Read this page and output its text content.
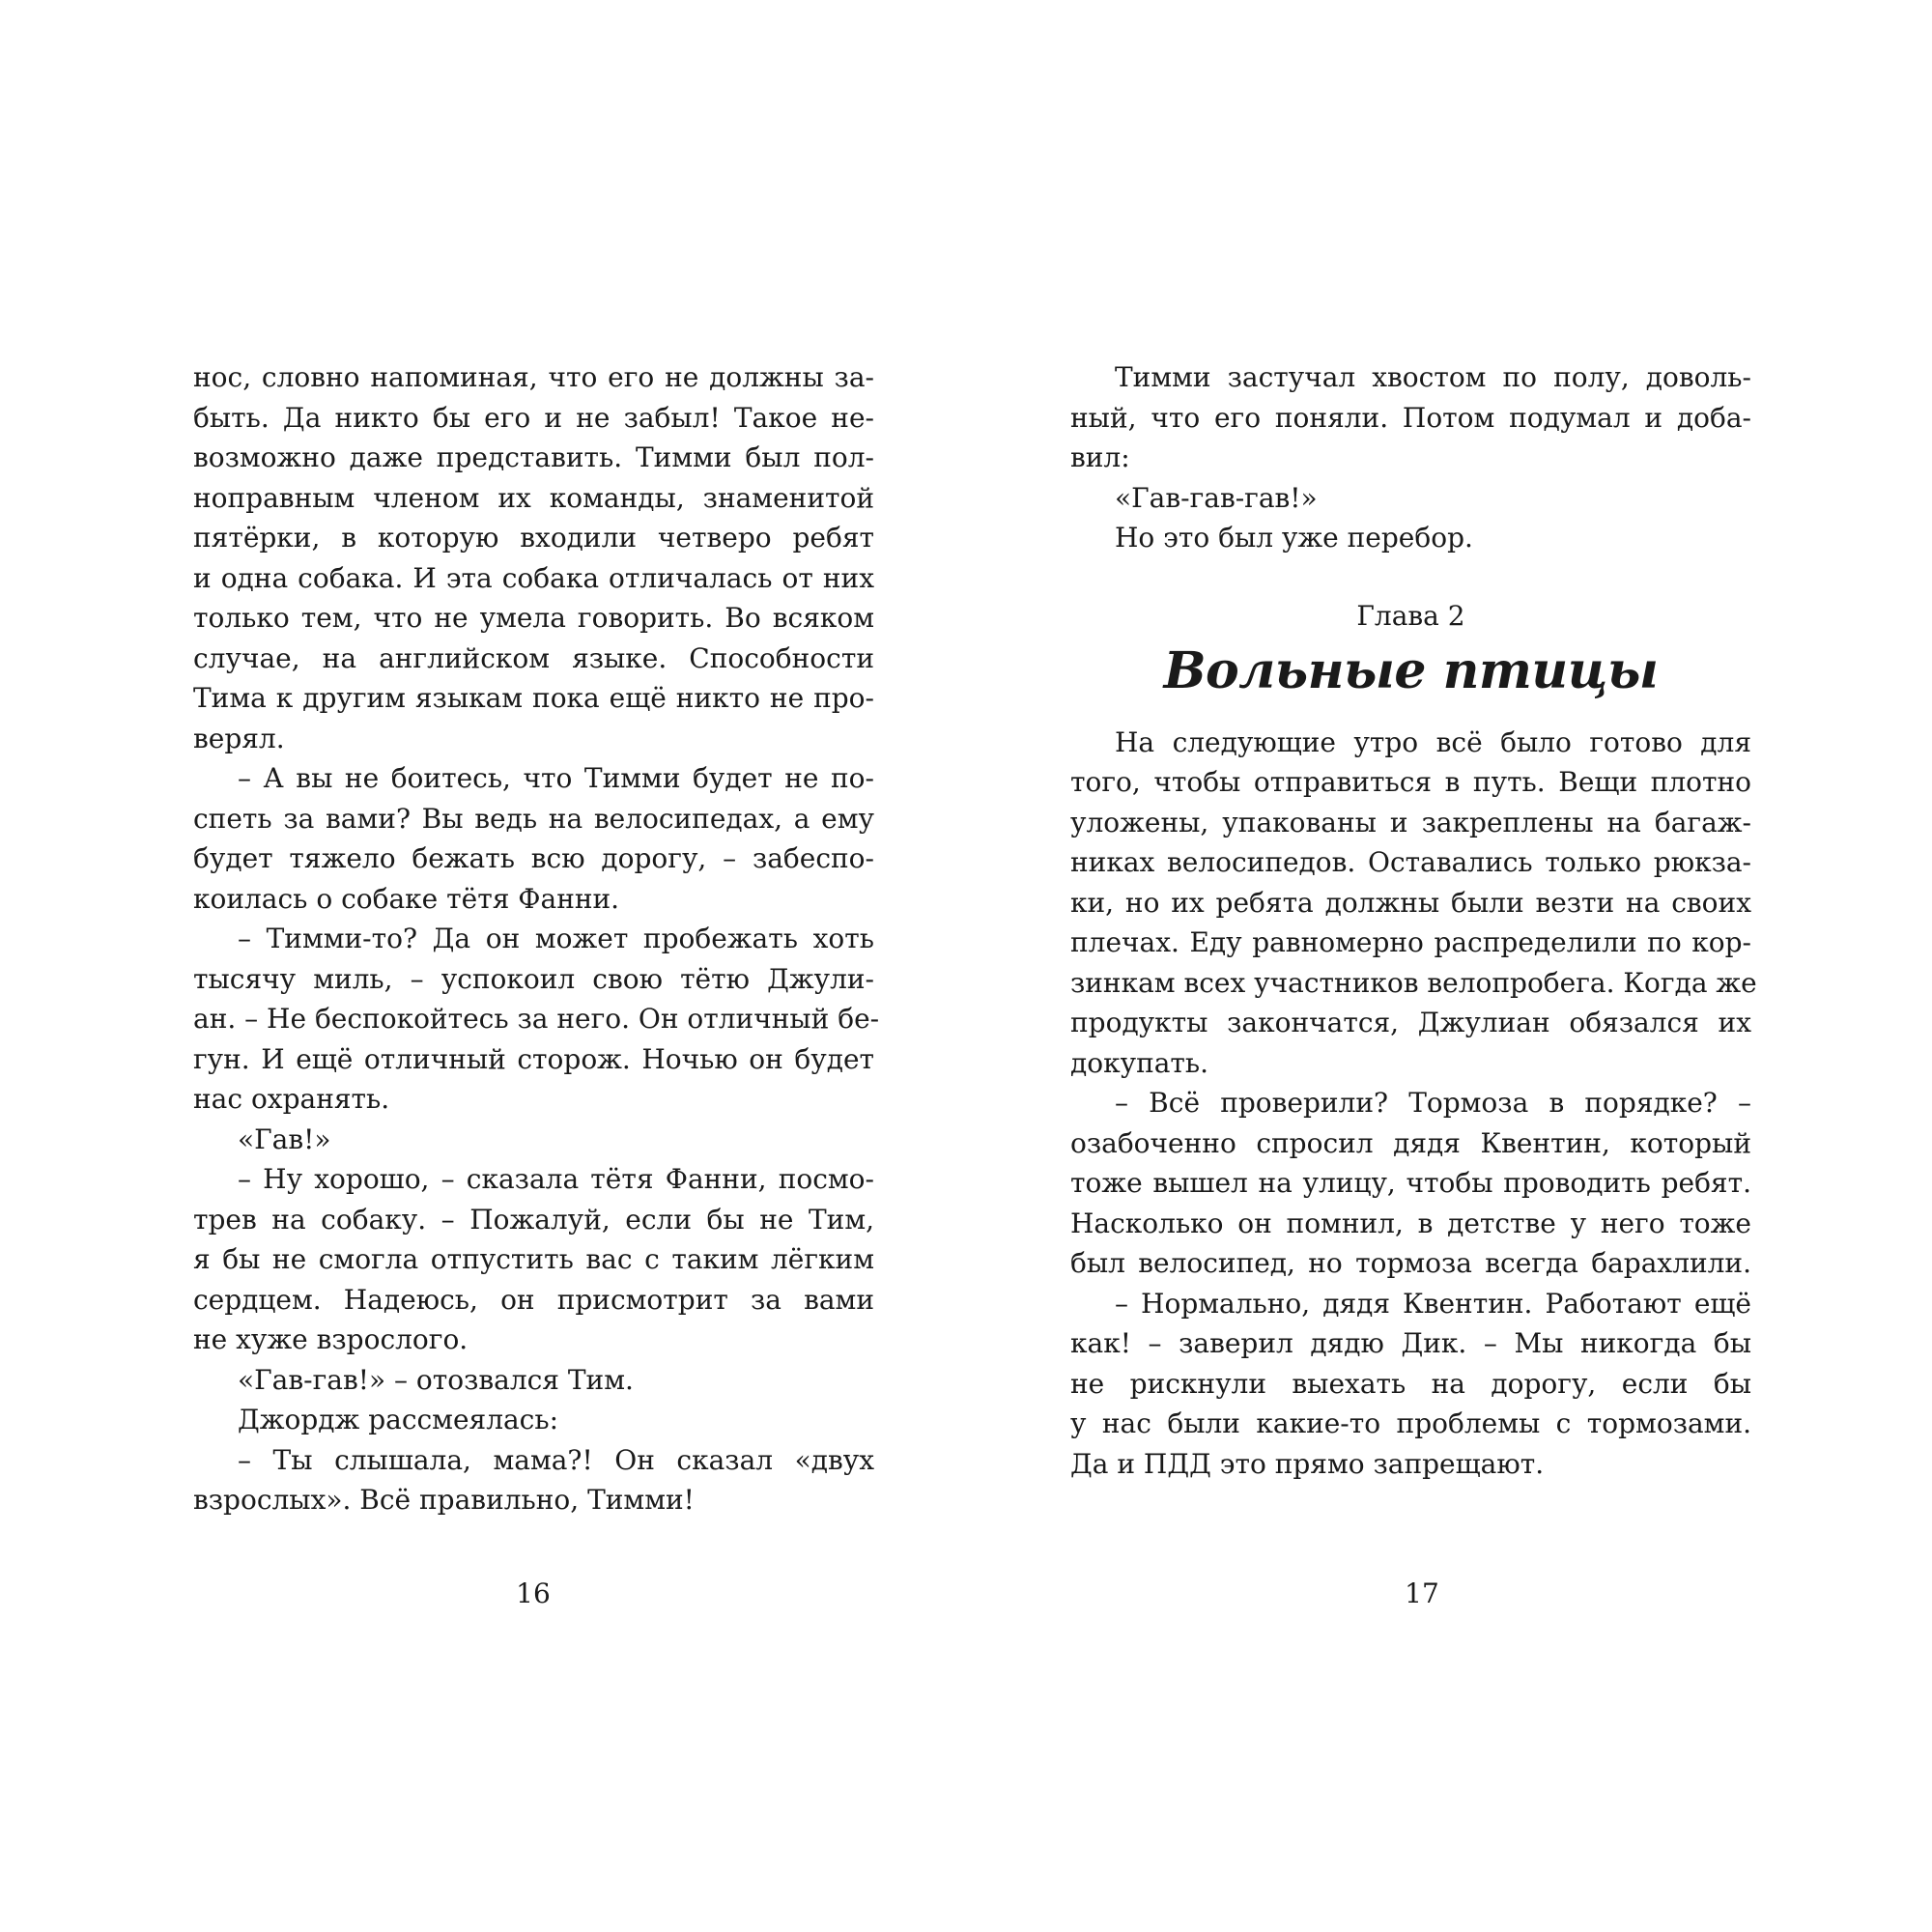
нос, словно напоминая, что его не должны за-
быть. Да никто бы его и не забыл! Такое не-
возможно даже представить. Тимми был пол-
ноправным членом их команды, знаменитой
пятёрки, в которую входили четверо ребят
и одна собака. И эта собака отличалась от них
только тем, что не умела говорить. Во всяком
случае, на английском языке. Способности
Тима к другим языкам пока ещё никто не про-
верял.
– А вы не боитесь, что Тимми будет не по-
спеть за вами? Вы ведь на велосипедах, а ему
будет тяжело бежать всю дорогу, – забеспо-
коилась о собаке тётя Фанни.
– Тимми-то? Да он может пробежать хоть
тысячу миль, – успокоил свою тётю Джули-
ан. – Не беспокойтесь за него. Он отличный бе-
гун. И ещё отличный сторож. Ночью он будет
нас охранять.
«Гав!»
– Ну хорошо, – сказала тётя Фанни, посмо-
трев на собаку. – Пожалуй, если бы не Тим,
я бы не смогла отпустить вас с таким лёгким
сердцем. Надеюсь, он присмотрит за вами
не хуже взрослого.
«Гав-гав!» – отозвался Тим.
Джордж рассмеялась:
– Ты слышала, мама?! Он сказал «двух
взрослых». Всё правильно, Тимми!
Тимми застучал хвостом по полу, доволь-
ный, что его поняли. Потом подумал и доба-
вил:
«Гав-гав-гав!»
Но это был уже перебор.
Глава 2
Вольные птицы
На следующие утро всё было готово для
того, чтобы отправиться в путь. Вещи плотно
уложены, упакованы и закреплены на багаж-
никах велосипедов. Оставались только рюкза-
ки, но их ребята должны были везти на своих
плечах. Еду равномерно распределили по кор-
зинкам всех участников велопробега. Когда же
продукты закончатся, Джулиан обязался их
докупать.
– Всё проверили? Тормоза в порядке? –
озабоченно спросил дядя Квентин, который
тоже вышел на улицу, чтобы проводить ребят.
Насколько он помнил, в детстве у него тоже
был велосипед, но тормоза всегда барахлили.
– Нормально, дядя Квентин. Работают ещё
как! – заверил дядю Дик. – Мы никогда бы
не рискнули выехать на дорогу, если бы
у нас были какие-то проблемы с тормозами.
Да и ПДД это прямо запрещают.
16	17
